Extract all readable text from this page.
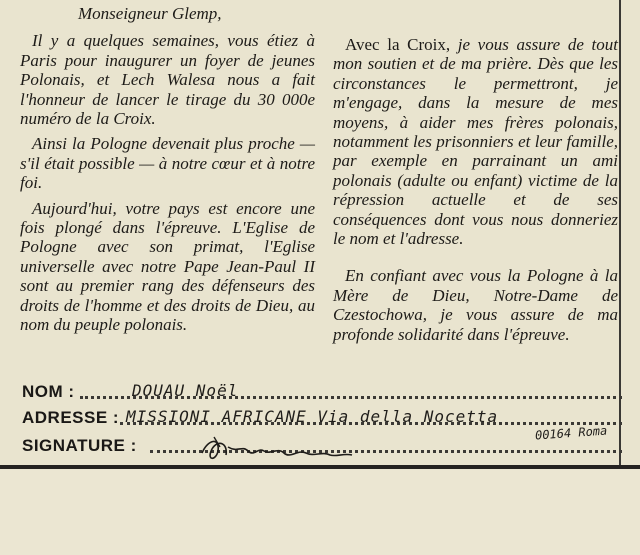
Monseigneur Glemp,

Il y a quelques semaines, vous étiez à Paris pour inaugurer un foyer de jeunes Polonais, et Lech Walesa nous a fait l'honneur de lancer le tirage du 30 000e numéro de la Croix.

Ainsi la Pologne devenait plus proche — s'il était possible — à notre cœur et à notre foi.

Aujourd'hui, votre pays est encore une fois plongé dans l'épreuve. L'Eglise de Pologne avec son primat, l'Eglise universelle avec notre Pape Jean-Paul II sont au premier rang des défenseurs des droits de l'homme et des droits de Dieu, au nom du peuple polonais.

Avec la Croix, je vous assure de tout mon soutien et de ma prière. Dès que les circonstances le permettront, je m'engage, dans la mesure de mes moyens, à aider mes frères polonais, notamment les prisonniers et leur famille, par exemple en parrainant un ami polonais (adulte ou enfant) victime de la répression actuelle et de ses conséquences dont vous nous donneriez le nom et l'adresse.

En confiant avec vous la Pologne à la Mère de Dieu, Notre-Dame de Czestochowa, je vous assure de ma profonde solidarité dans l'épreuve.

NOM :	DOUAU Noël
ADRESSE : MISSIONI AFRICANE Via della Nocetta
00164 Roma
SIGNATURE :
